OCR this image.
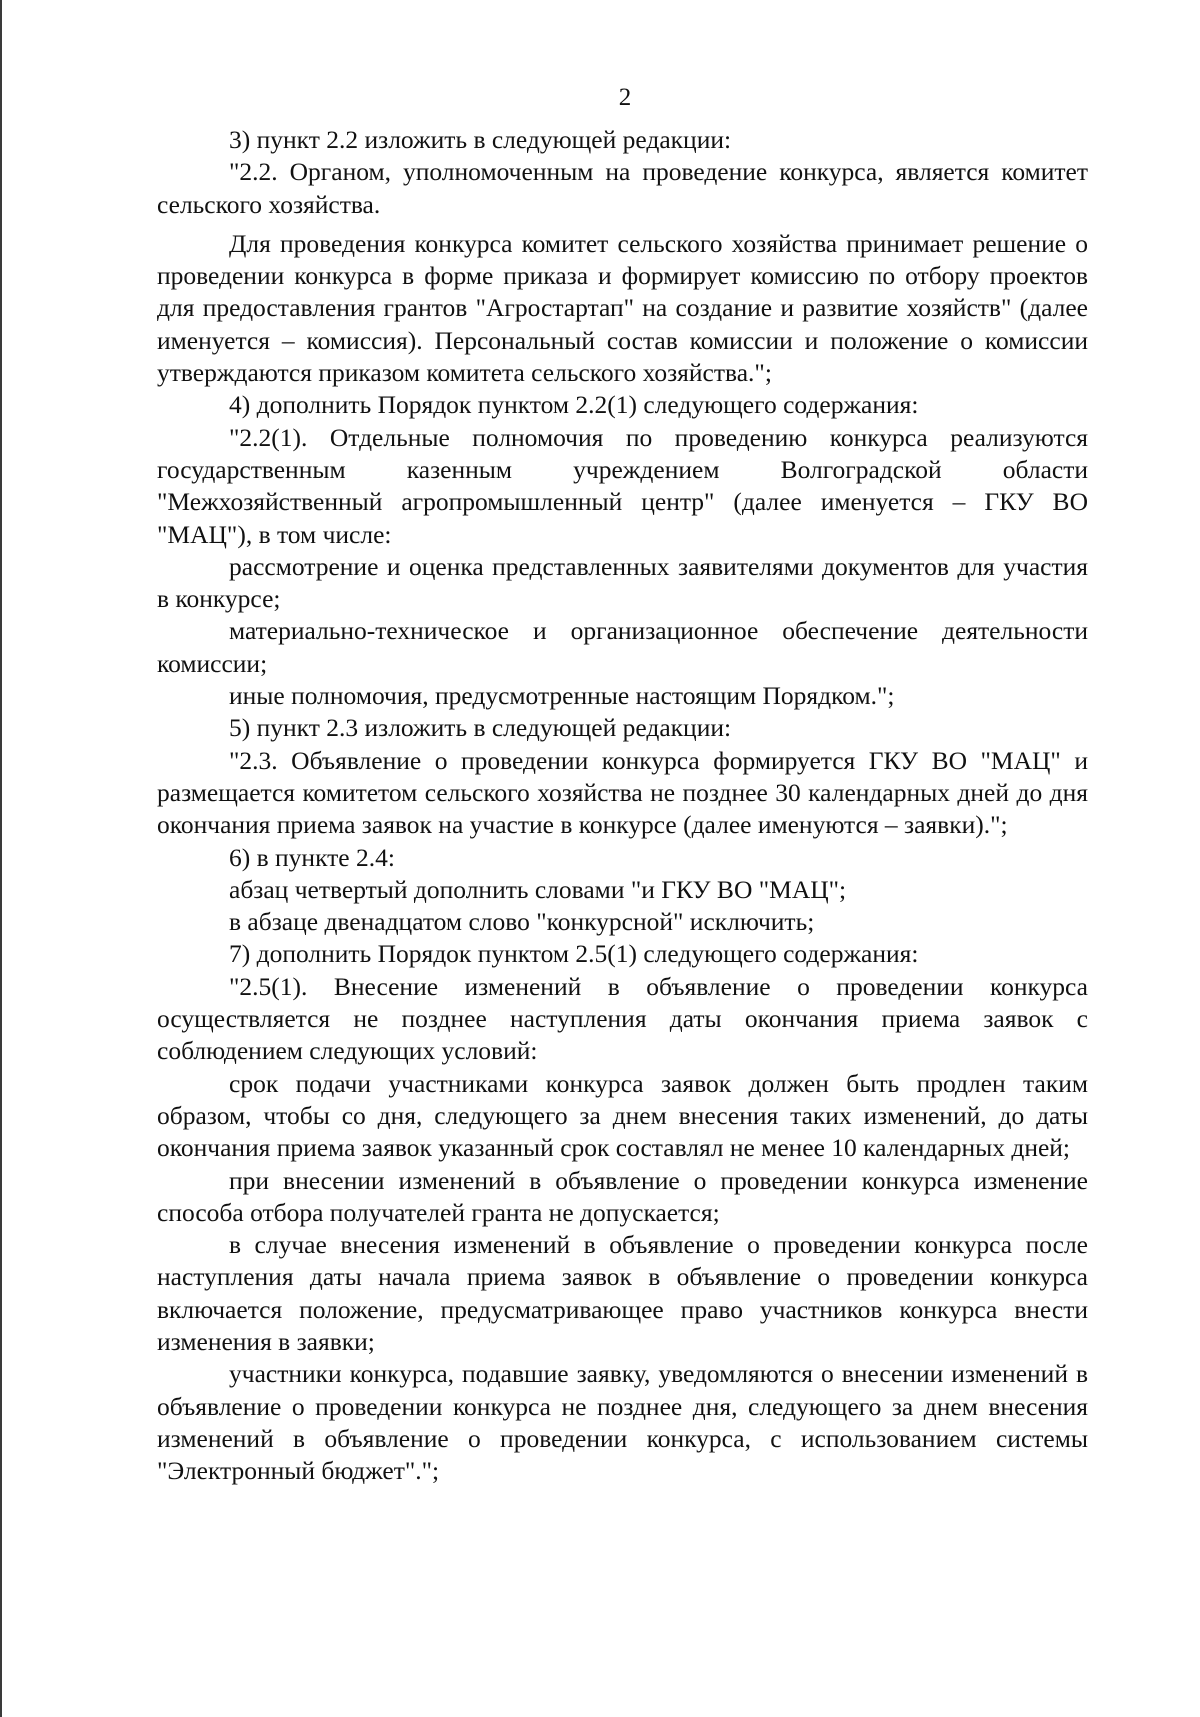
2

3) пункт 2.2 изложить в следующей редакции:

"2.2. Органом, уполномоченным на проведение конкурса, является комитет сельского хозяйства.

Для проведения конкурса комитет сельского хозяйства принимает решение о проведении конкурса в форме приказа и формирует комиссию по отбору проектов для предоставления грантов "Агростартап" на создание и развитие хозяйств" (далее именуется – комиссия). Персональный состав комиссии и положение о комиссии утверждаются приказом комитета сельского хозяйства.";

4) дополнить Порядок пунктом 2.2(1) следующего содержания:

"2.2(1). Отдельные полномочия по проведению конкурса реализуются государственным казенным учреждением Волгоградской области "Межхозяйственный агропромышленный центр" (далее именуется – ГКУ ВО "МАЦ"), в том числе:

рассмотрение и оценка представленных заявителями документов для участия в конкурсе;

материально-техническое и организационное обеспечение деятельности комиссии;

иные полномочия, предусмотренные настоящим Порядком.";

5) пункт 2.3 изложить в следующей редакции:

"2.3. Объявление о проведении конкурса формируется ГКУ ВО "МАЦ" и размещается комитетом сельского хозяйства не позднее 30 календарных дней до дня окончания приема заявок на участие в конкурсе (далее именуются – заявки).";

6) в пункте 2.4:

абзац четвертый дополнить словами "и ГКУ ВО "МАЦ";

в абзаце двенадцатом слово "конкурсной" исключить;

7) дополнить Порядок пунктом 2.5(1) следующего содержания:

"2.5(1). Внесение изменений в объявление о проведении конкурса осуществляется не позднее наступления даты окончания приема заявок с соблюдением следующих условий:

срок подачи участниками конкурса заявок должен быть продлен таким образом, чтобы со дня, следующего за днем внесения таких изменений, до даты окончания приема заявок указанный срок составлял не менее 10 календарных дней;

при внесении изменений в объявление о проведении конкурса изменение способа отбора получателей гранта не допускается;

в случае внесения изменений в объявление о проведении конкурса после наступления даты начала приема заявок в объявление о проведении конкурса включается положение, предусматривающее право участников конкурса внести изменения в заявки;

участники конкурса, подавшие заявку, уведомляются о внесении изменений в объявление о проведении конкурса не позднее дня, следующего за днем внесения изменений в объявление о проведении конкурса, с использованием системы "Электронный бюджет".";
